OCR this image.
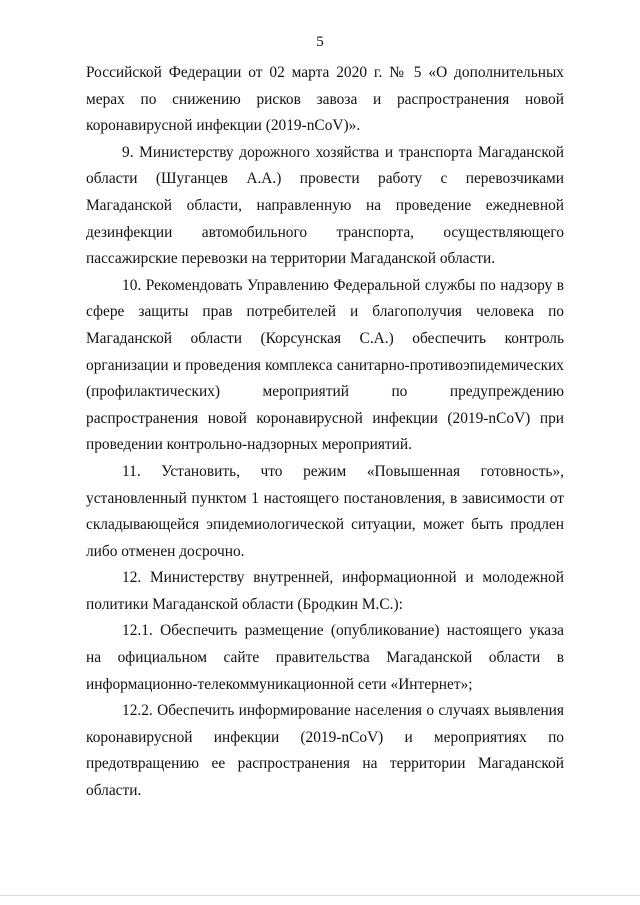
5

Российской Федерации от 02 марта 2020 г. № 5 «О дополнительных мерах по снижению рисков завоза и распространения новой коронавирусной инфекции (2019-nCoV)».

9. Министерству дорожного хозяйства и транспорта Магаданской области (Шуганцев А.А.) провести работу с перевозчиками Магаданской области, направленную на проведение ежедневной дезинфекции автомобильного транспорта, осуществляющего пассажирские перевозки на территории Магаданской области.

10. Рекомендовать Управлению Федеральной службы по надзору в сфере защиты прав потребителей и благополучия человека по Магаданской области (Корсунская С.А.) обеспечить контроль организации и проведения комплекса санитарно-противоэпидемических (профилактических) мероприятий по предупреждению распространения новой коронавирусной инфекции (2019-nCoV) при проведении контрольно-надзорных мероприятий.

11. Установить, что режим «Повышенная готовность», установленный пунктом 1 настоящего постановления, в зависимости от складывающейся эпидемиологической ситуации, может быть продлен либо отменен досрочно.

12. Министерству внутренней, информационной и молодежной политики Магаданской области (Бродкин М.С.):

12.1. Обеспечить размещение (опубликование) настоящего указа на официальном сайте правительства Магаданской области в информационно-телекоммуникационной сети «Интернет»;

12.2. Обеспечить информирование населения о случаях выявления коронавирусной инфекции (2019-nCoV) и мероприятиях по предотвращению ее распространения на территории Магаданской области.
